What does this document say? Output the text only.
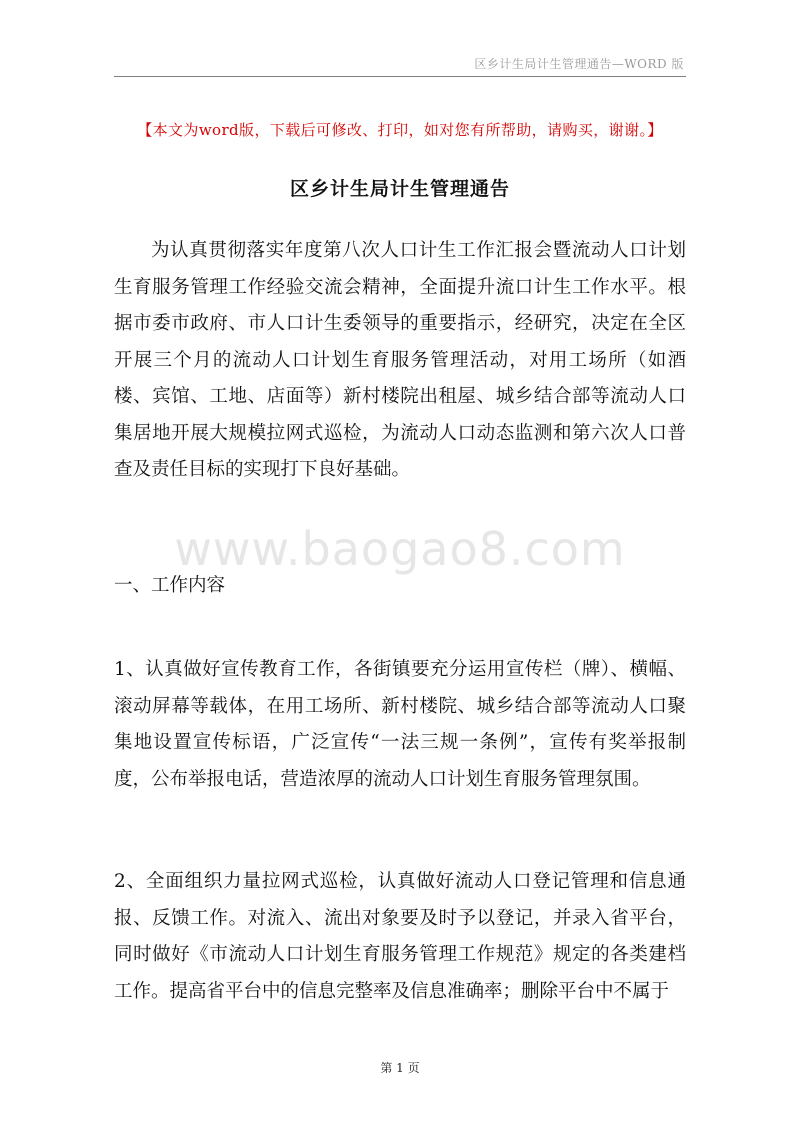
区乡计生局计生管理通告—WORD 版
【本文为word版，下载后可修改、打印，如对您有所帮助，请购买，谢谢。】
区乡计生局计生管理通告

为认真贯彻落实年度第八次人口计生工作汇报会暨流动人口计划生育服务管理工作经验交流会精神，全面提升流口计生工作水平。根据市委市政府、市人口计生委领导的重要指示，经研究，决定在全区开展三个月的流动人口计划生育服务管理活动，对用工场所（如酒楼、宾馆、工地、店面等）新村楼院出租屋、城乡结合部等流动人口集居地开展大规模拉网式巡检，为流动人口动态监测和第六次人口普查及责任目标的实现打下良好基础。

www.baogao8.com

一、工作内容

1、认真做好宣传教育工作，各街镇要充分运用宣传栏（牌）、横幅、滚动屏幕等载体，在用工场所、新村楼院、城乡结合部等流动人口聚集地设置宣传标语，广泛宣传“一法三规一条例”，宣传有奖举报制度，公布举报电话，营造浓厚的流动人口计划生育服务管理氛围。

2、全面组织力量拉网式巡检，认真做好流动人口登记管理和信息通报、反馈工作。对流入、流出对象要及时予以登记，并录入省平台，同时做好《市流动人口计划生育服务管理工作规范》规定的各类建档工作。提高省平台中的信息完整率及信息准确率；删除平台中不属于

第 1 页
